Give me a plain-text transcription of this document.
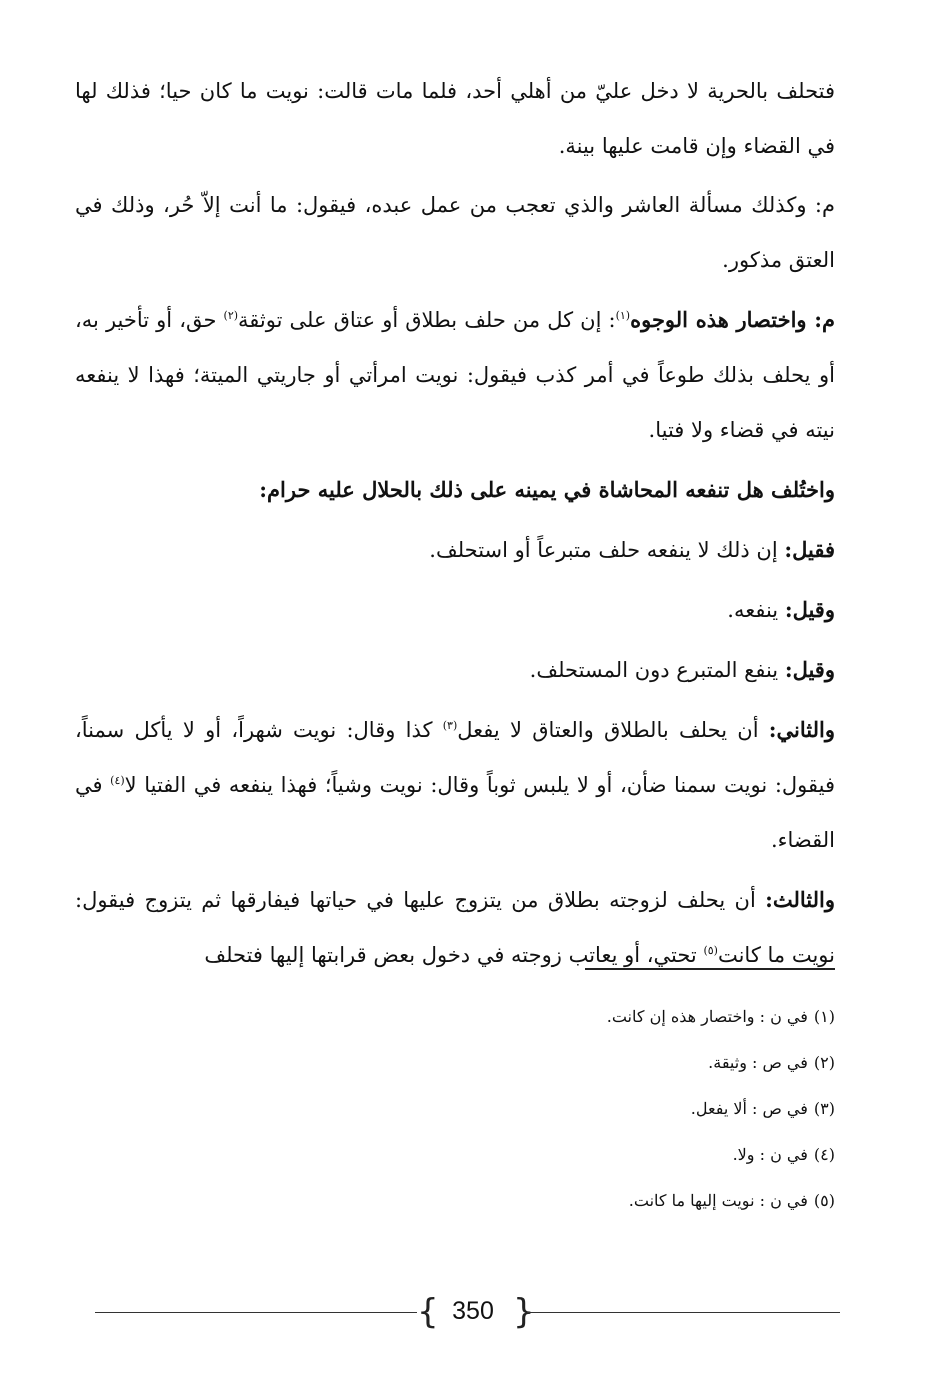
فتحلف بالحرية لا دخل عليّ من أهلي أحد، فلما مات قالت: نويت ما كان حيا؛ فذلك لها في القضاء وإن قامت عليها بينة.

م: وكذلك مسألة العاشر والذي تعجب من عمل عبده، فيقول: ما أنت إلاّ حُر، وذلك في العتق مذكور.

م: واختصار هذه الوجوه$^{(١)}$: إن كل من حلف بطلاق أو عتاق على توثقة$^{(٢)}$ حق، أو تأخير به، أو يحلف بذلك طوعاً في أمر كذب فيقول: نويت امرأتي أو جاريتي الميتة؛ فهذا لا ينفعه نيته في قضاء ولا فتيا.

واختُلف هل تنفعه المحاشاة في يمينه على ذلك بالحلال عليه حرام:

فقيل: إن ذلك لا ينفعه حلف متبرعاً أو استحلف.

وقيل: ينفعه.

وقيل: ينفع المتبرع دون المستحلف.

والثاني: أن يحلف بالطلاق والعتاق لا يفعل$^{(٣)}$ كذا وقال: نويت شهراً، أو لا يأكل سمناً، فيقول: نويت سمنا ضأن، أو لا يلبس ثوباً وقال: نويت وشياً؛ فهذا ينفعه في الفتيا لا$^{(٤)}$ في القضاء.

والثالث: أن يحلف لزوجته بطلاق من يتزوج عليها في حياتها فيفارقها ثم يتزوج فيقول: نويت ما كانت$^{(٥)}$ تحتي، أو يعاتب زوجته في دخول بعض قرابتها إليها فتحلف

(١)في ن : واختصار هذه إن كانت.

(٢)في ص : وثيقة.

(٣)في ص : ألا يفعل.

(٤)في ن : ولا.

(٥)في ن : نويت إليها ما كانت.

{ 350 }
